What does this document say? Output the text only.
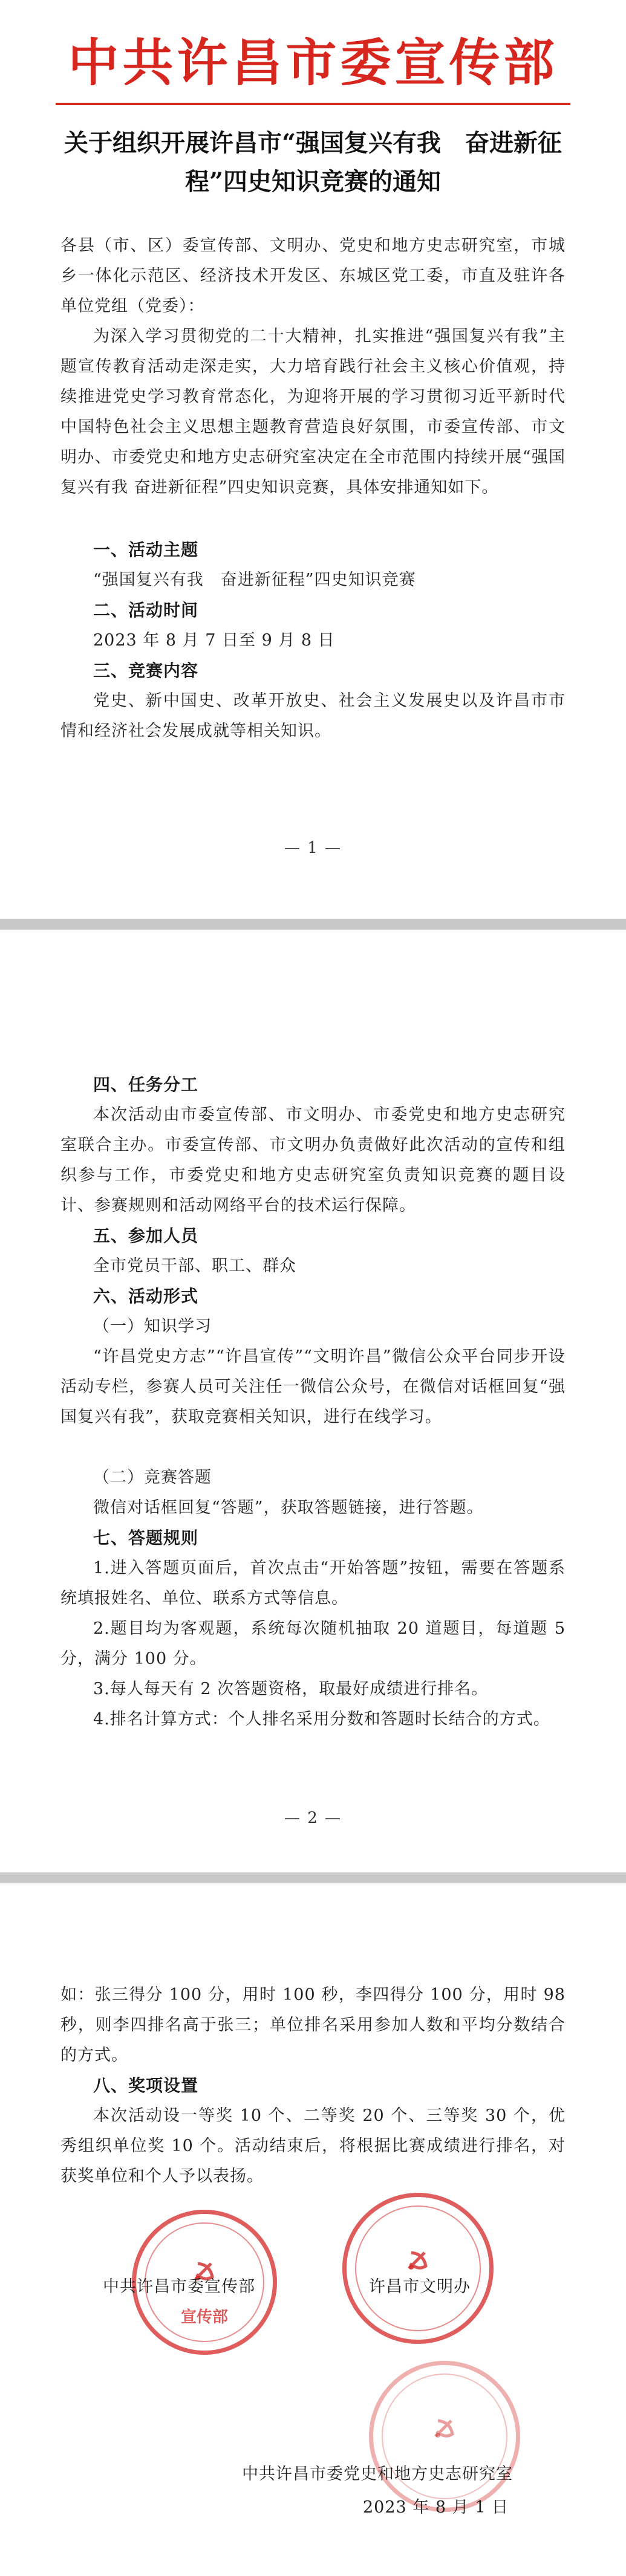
中共许昌市委宣传部
关于组织开展许昌市“强国复兴有我　奋进新征程”四史知识竞赛的通知
各县（市、区）委宣传部、文明办、党史和地方史志研究室，市城乡一体化示范区、经济技术开发区、东城区党工委，市直及驻许各单位党组（党委）：
为深入学习贯彻党的二十大精神，扎实推进“强国复兴有我”主题宣传教育活动走深走实，大力培育践行社会主义核心价值观，持续推进党史学习教育常态化，为迎将开展的学习贯彻习近平新时代中国特色社会主义思想主题教育营造良好氛围，市委宣传部、市文明办、市委党史和地方史志研究室决定在全市范围内持续开展“强国复兴有我 奋进新征程”四史知识竞赛，具体安排通知如下。
一、活动主题
“强国复兴有我　奋进新征程”四史知识竞赛
二、活动时间
2023 年 8 月 7 日至 9 月 8 日
三、竞赛内容
党史、新中国史、改革开放史、社会主义发展史以及许昌市市情和经济社会发展成就等相关知识。
— 1 —
四、任务分工
本次活动由市委宣传部、市文明办、市委党史和地方史志研究室联合主办。市委宣传部、市文明办负责做好此次活动的宣传和组织参与工作，市委党史和地方史志研究室负责知识竞赛的题目设计、参赛规则和活动网络平台的技术运行保障。
五、参加人员
全市党员干部、职工、群众
六、活动形式
（一）知识学习
“许昌党史方志”“许昌宣传”“文明许昌”微信公众平台同步开设活动专栏，参赛人员可关注任一微信公众号，在微信对话框回复“强国复兴有我”，获取竞赛相关知识，进行在线学习。
（二）竞赛答题
微信对话框回复“答题”，获取答题链接，进行答题。
七、答题规则
1.进入答题页面后，首次点击“开始答题”按钮，需要在答题系统填报姓名、单位、联系方式等信息。
2.题目均为客观题，系统每次随机抽取 20 道题目，每道题 5 分，满分 100 分。
3.每人每天有 2 次答题资格，取最好成绩进行排名。
4.排名计算方式：个人排名采用分数和答题时长结合的方式。
— 2 —
如：张三得分 100 分，用时 100 秒，李四得分 100 分，用时 98 秒，则李四排名高于张三；单位排名采用参加人数和平均分数结合的方式。
八、奖项设置
本次活动设一等奖 10 个、二等奖 20 个、三等奖 30 个，优秀组织单位奖 10 个。活动结束后，将根据比赛成绩进行排名，对获奖单位和个人予以表扬。
宣传部
中共许昌市委宣传部	许昌市文明办
中共许昌市委党史和地方史志研究室
2023 年 8 月 1 日
